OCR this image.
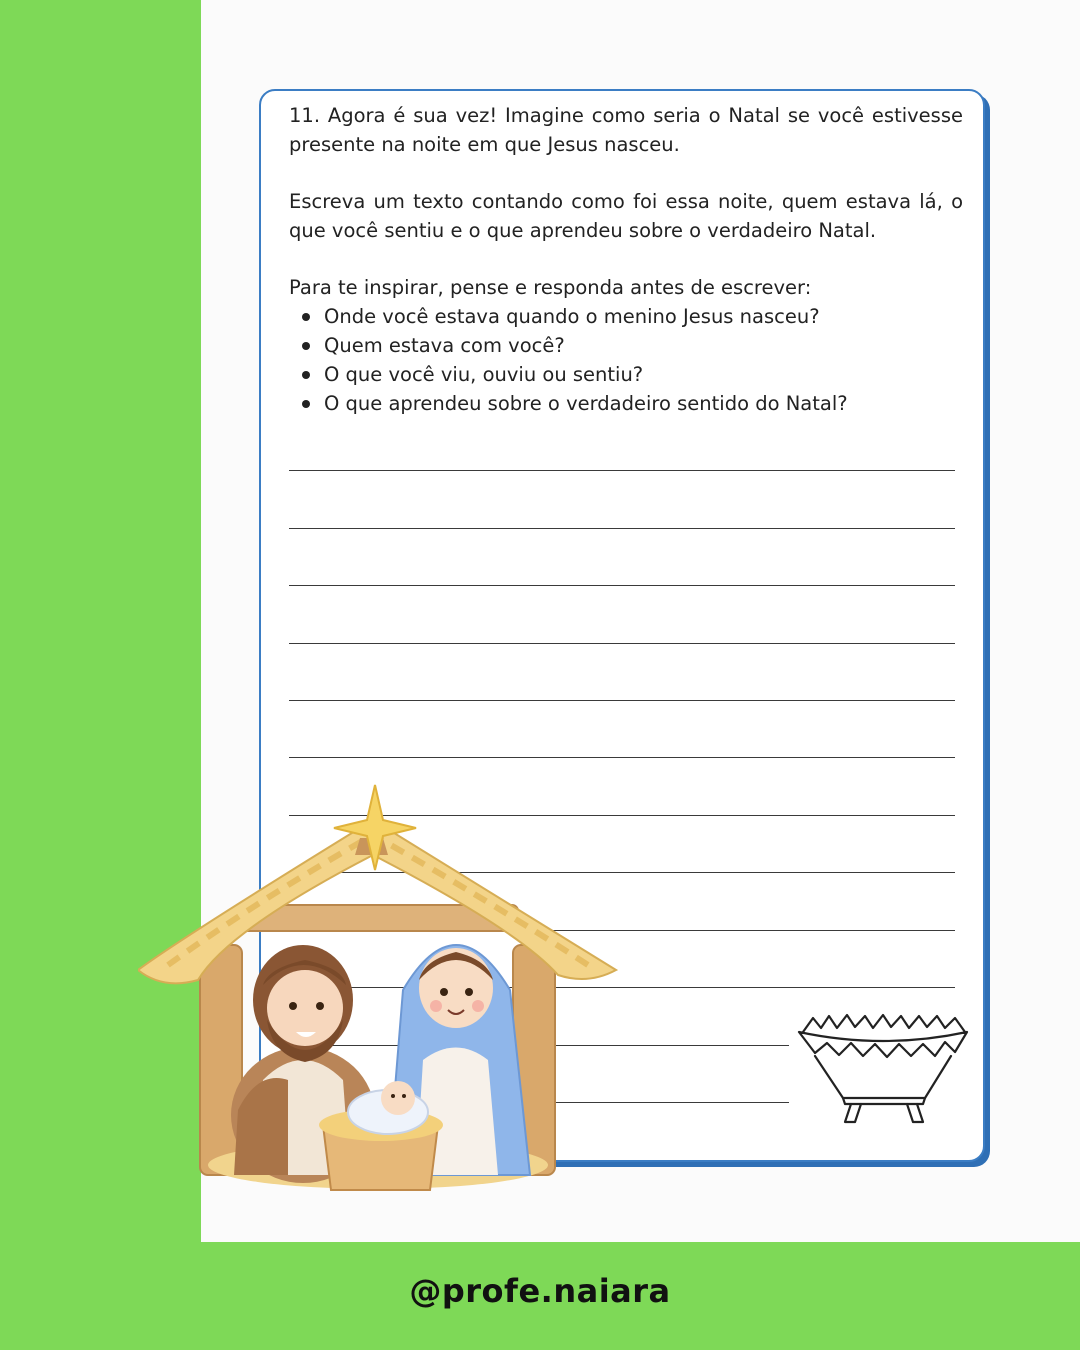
11. Agora é sua vez! Imagine como seria o Natal se você estivesse presente na noite em que Jesus nasceu.

Escreva um texto contando como foi essa noite, quem estava lá, o que você sentiu e o que aprendeu sobre o verdadeiro Natal.

Para te inspirar, pense e responda antes de escrever:

Onde você estava quando o menino Jesus nasceu?
Quem estava com você?
O que você viu, ouviu ou sentiu?
O que aprendeu sobre o verdadeiro sentido do Natal?
@profe.naiara
